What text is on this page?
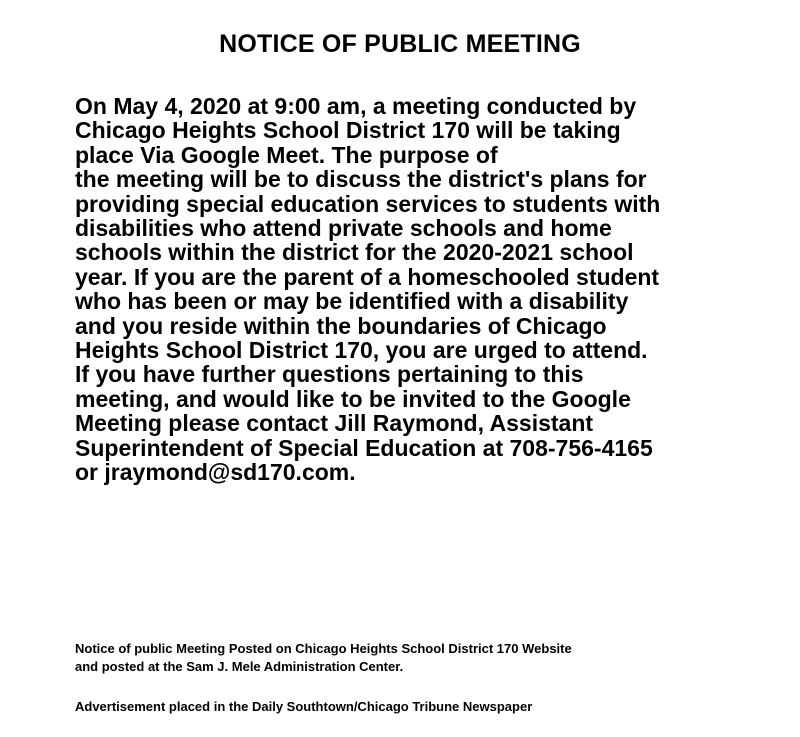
NOTICE OF PUBLIC MEETING
On May 4, 2020 at 9:00 am, a meeting conducted by
Chicago Heights School District 170 will be taking
place Via Google Meet. The purpose of
the meeting will be to discuss the district's plans for
providing special education services to students with
disabilities who attend private schools and home
schools within the district for the 2020-2021 school
year. If you are the parent of a homeschooled student
who has been or may be identified with a disability
and you reside within the boundaries of Chicago
Heights School District 170, you are urged to attend.
If you have further questions pertaining to this
meeting, and would like to be invited to the Google
Meeting please contact Jill Raymond, Assistant
Superintendent of Special Education at 708-756-4165
or jraymond@sd170.com.
Notice of public Meeting Posted on Chicago Heights School District 170 Website
and posted at the Sam J. Mele Administration Center.
Advertisement placed in the Daily Southtown/Chicago Tribune Newspaper
